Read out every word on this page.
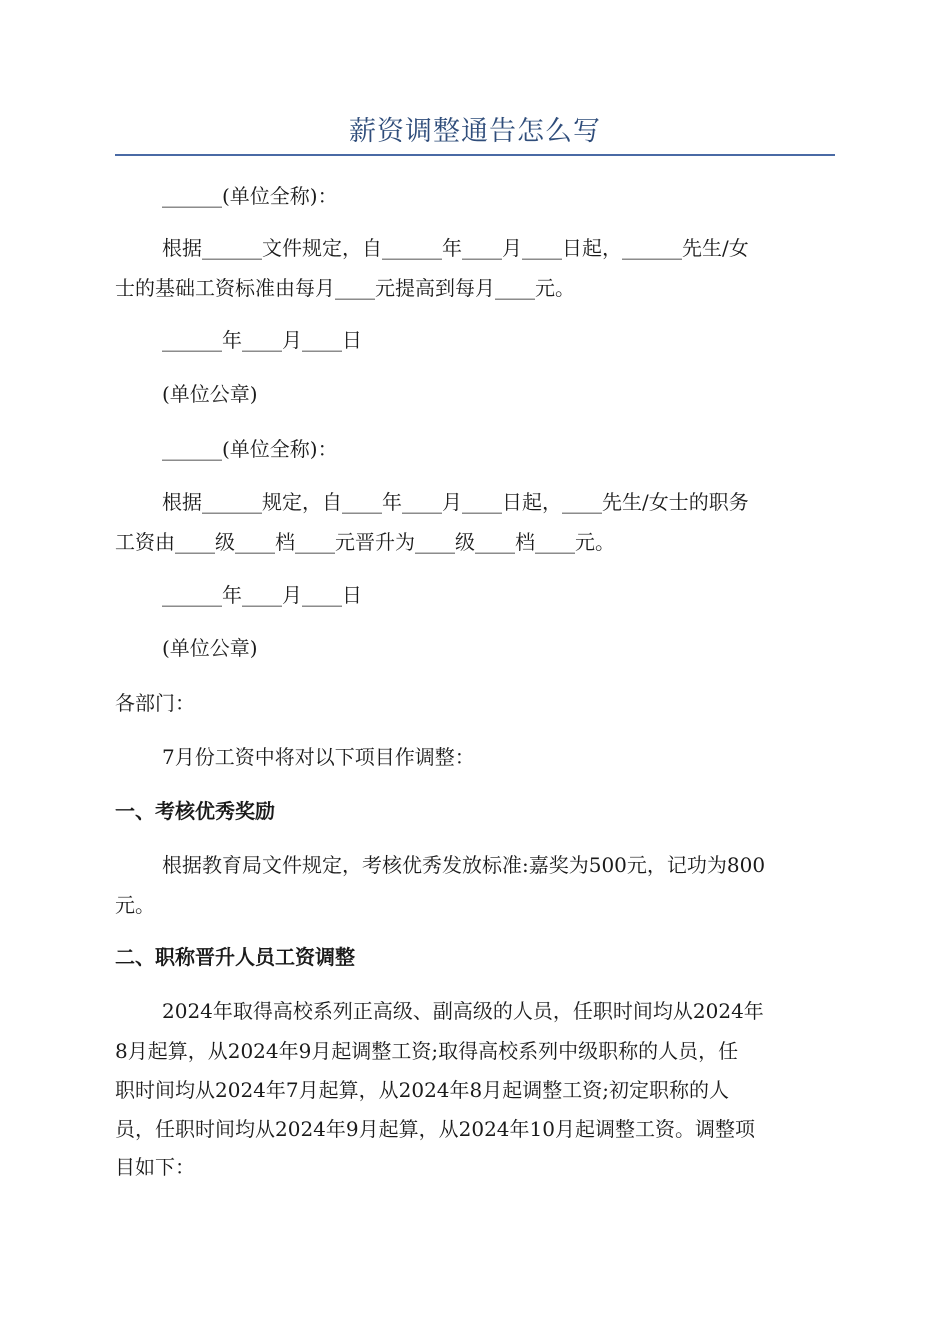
薪资调整通告怎么写
______(单位全称)：
根据______文件规定，自______年____月____日起，______先生/女
士的基础工资标准由每月____元提高到每月____元。
______年____月____日
(单位公章)
______(单位全称)：
根据______规定，自____年____月____日起，____先生/女士的职务
工资由____级____档____元晋升为____级____档____元。
______年____月____日
(单位公章)
各部门：
7月份工资中将对以下项目作调整：
一、考核优秀奖励
根据教育局文件规定，考核优秀发放标准:嘉奖为500元，记功为800
元。
二、职称晋升人员工资调整
2024年取得高校系列正高级、副高级的人员，任职时间均从2024年
8月起算，从2024年9月起调整工资;取得高校系列中级职称的人员，任
职时间均从2024年7月起算，从2024年8月起调整工资;初定职称的人
员，任职时间均从2024年9月起算，从2024年10月起调整工资。调整项
目如下：
